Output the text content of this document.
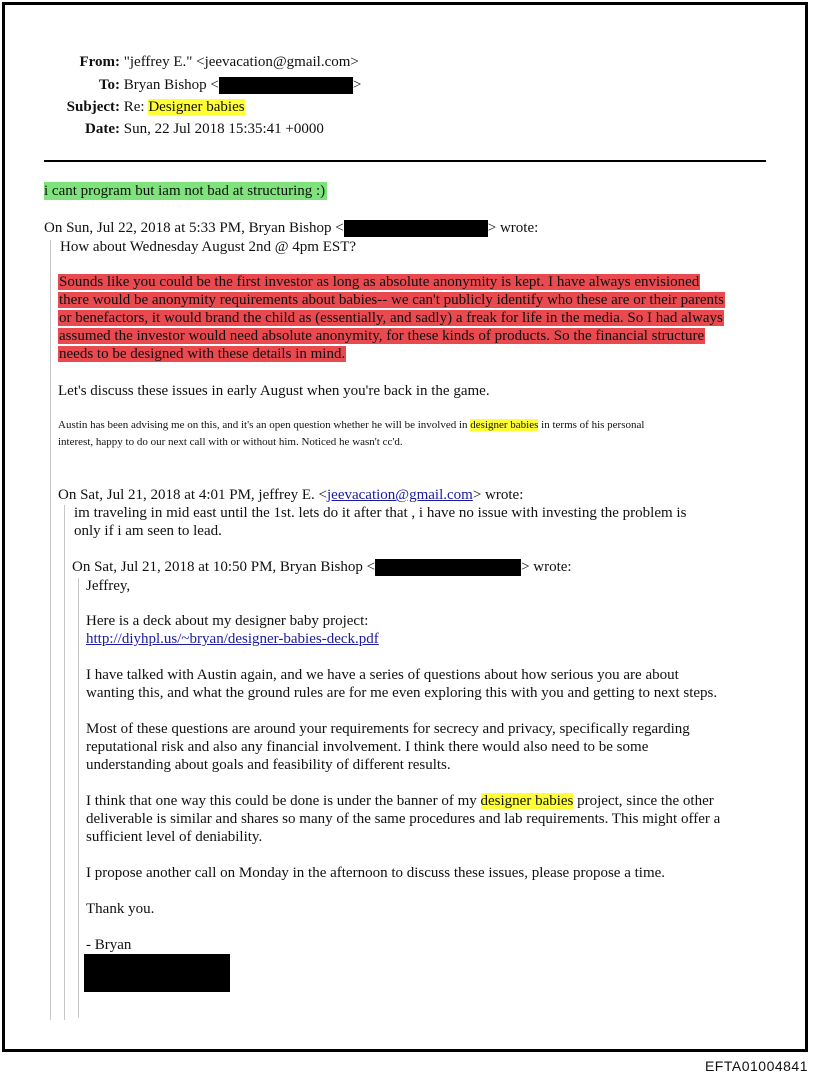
From: "jeffrey E." <jeevacation@gmail.com>
To: Bryan Bishop <	>
Subject: Re: Designer babies
Date: Sun, 22 Jul 2018 15:35:41 +0000
i cant program but iam not bad at structuring :)
On Sun, Jul 22, 2018 at 5:33 PM, Bryan Bishop <	> wrote:
How about Wednesday August 2nd @ 4pm EST?
Sounds like you could be the first investor as long as absolute anonymity is kept. I have always envisioned
there would be anonymity requirements about babies-- we can't publicly identify who these are or their parents
or benefactors, it would brand the child as (essentially, and sadly) a freak for life in the media. So I had always
assumed the investor would need absolute anonymity, for these kinds of products. So the financial structure
needs to be designed with these details in mind.
Let's discuss these issues in early August when you're back in the game.
Austin has been advising me on this, and it's an open question whether he will be involved in designer babies in terms of his personal
interest, happy to do our next call with or without him. Noticed he wasn't cc'd.
On Sat, Jul 21, 2018 at 4:01 PM, jeffrey E. <jeevacation@gmail.com> wrote:
im traveling in mid east until the 1st. lets do it after that , i have no issue with investing the problem is
only if i am seen to lead.
On Sat, Jul 21, 2018 at 10:50 PM, Bryan Bishop <	> wrote:
Jeffrey,
Here is a deck about my designer baby project:
http://diyhpl.us/~bryan/designer-babies-deck.pdf
I have talked with Austin again, and we have a series of questions about how serious you are about
wanting this, and what the ground rules are for me even exploring this with you and getting to next steps.
Most of these questions are around your requirements for secrecy and privacy, specifically regarding
reputational risk and also any financial involvement. I think there would also need to be some
understanding about goals and feasibility of different results.
I think that one way this could be done is under the banner of my designer babies project, since the other
deliverable is similar and shares so many of the same procedures and lab requirements. This might offer a
sufficient level of deniability.
I propose another call on Monday in the afternoon to discuss these issues, please propose a time.
Thank you.
- Bryan
EFTA01004841
